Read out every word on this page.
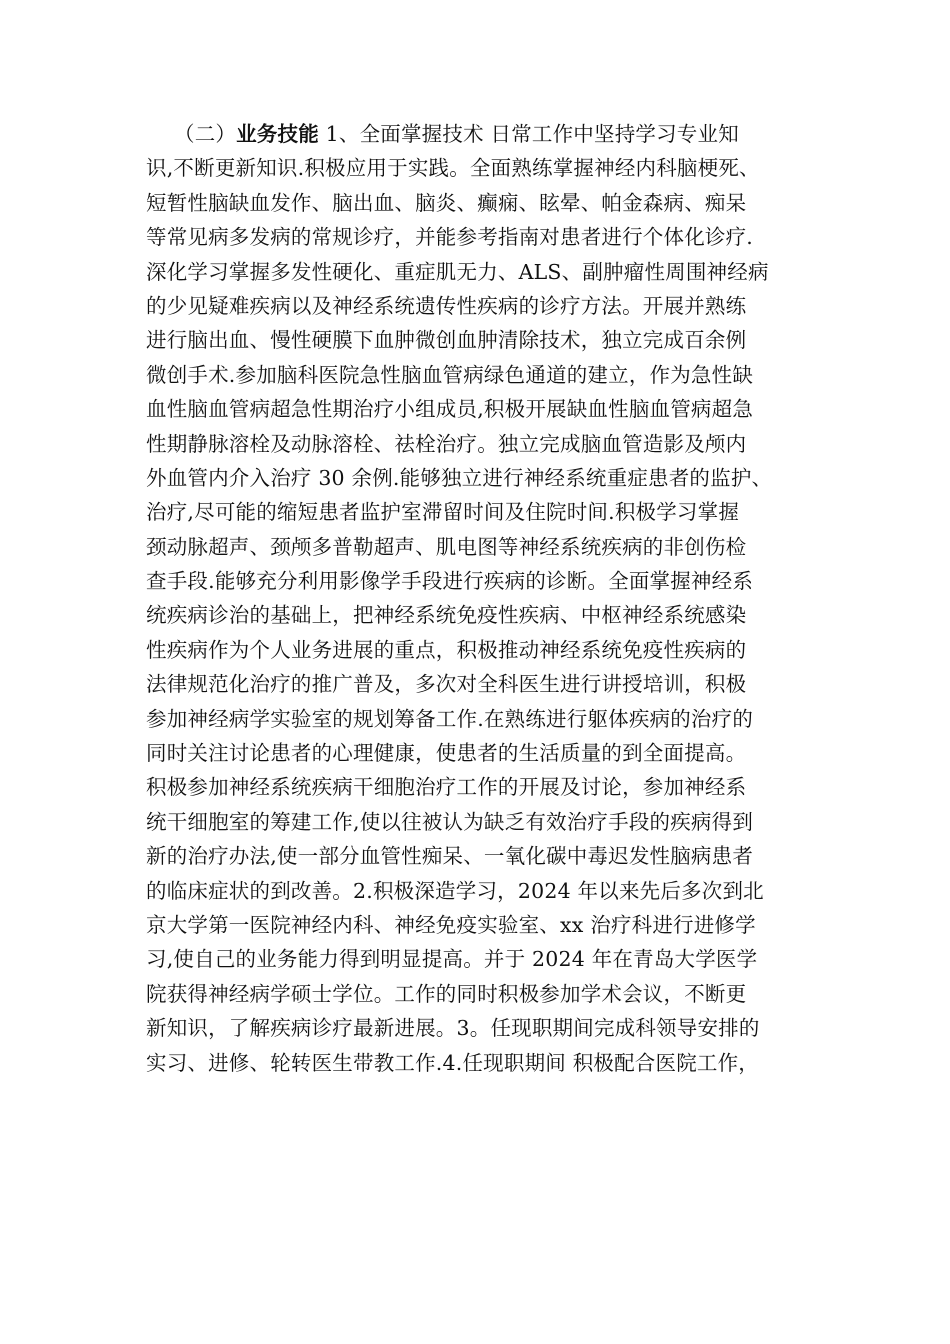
（二）业务技能 1、全面掌握技术 日常工作中坚持学习专业知
识,不断更新知识.积极应用于实践。全面熟练掌握神经内科脑梗死、
短暂性脑缺血发作、脑出血、脑炎、癫痫、眩晕、帕金森病、痴呆
等常见病多发病的常规诊疗，并能参考指南对患者进行个体化诊疗.
深化学习掌握多发性硬化、重症肌无力、ALS、副肿瘤性周围神经病
的少见疑难疾病以及神经系统遗传性疾病的诊疗方法。开展并熟练
进行脑出血、慢性硬膜下血肿微创血肿清除技术，独立完成百余例
微创手术.参加脑科医院急性脑血管病绿色通道的建立，作为急性缺
血性脑血管病超急性期治疗小组成员,积极开展缺血性脑血管病超急
性期静脉溶栓及动脉溶栓、祛栓治疗。独立完成脑血管造影及颅内
外血管内介入治疗 30 余例.能够独立进行神经系统重症患者的监护、
治疗,尽可能的缩短患者监护室滞留时间及住院时间.积极学习掌握
颈动脉超声、颈颅多普勒超声、肌电图等神经系统疾病的非创伤检
查手段.能够充分利用影像学手段进行疾病的诊断。全面掌握神经系
统疾病诊治的基础上，把神经系统免疫性疾病、中枢神经系统感染
性疾病作为个人业务进展的重点，积极推动神经系统免疫性疾病的
法律规范化治疗的推广普及，多次对全科医生进行讲授培训，积极
参加神经病学实验室的规划筹备工作.在熟练进行躯体疾病的治疗的
同时关注讨论患者的心理健康，使患者的生活质量的到全面提高。
积极参加神经系统疾病干细胞治疗工作的开展及讨论，参加神经系
统干细胞室的筹建工作,使以往被认为缺乏有效治疗手段的疾病得到
新的治疗办法,使一部分血管性痴呆、一氧化碳中毒迟发性脑病患者
的临床症状的到改善。2.积极深造学习，2024 年以来先后多次到北
京大学第一医院神经内科、神经免疫实验室、xx 治疗科进行进修学
习,使自己的业务能力得到明显提高。并于 2024 年在青岛大学医学
院获得神经病学硕士学位。工作的同时积极参加学术会议，不断更
新知识，了解疾病诊疗最新进展。3。任现职期间完成科领导安排的
实习、进修、轮转医生带教工作.4.任现职期间 积极配合医院工作，
